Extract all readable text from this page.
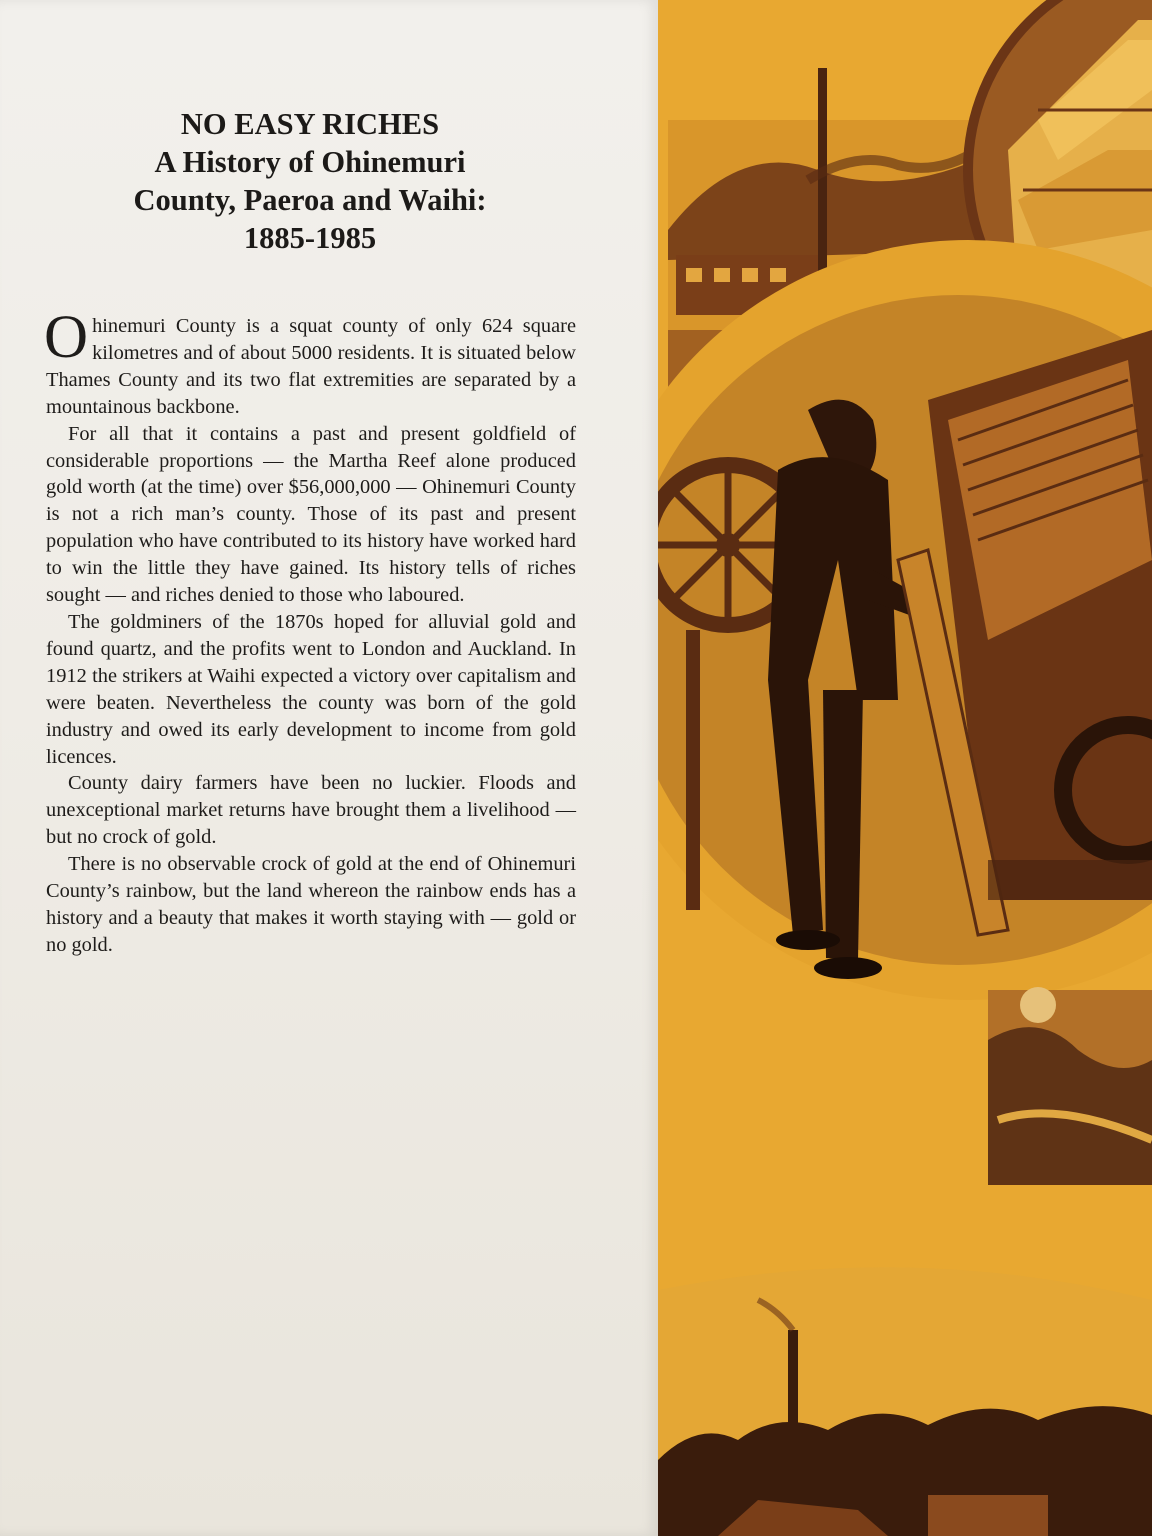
NO EASY RICHES
A History of Ohinemuri
County, Paeroa and Waihi:
1885-1985

Ohinemuri County is a squat county of only 624 square kilometres and of about 5000 residents. It is situated below Thames County and its two flat extremities are separated by a mountainous backbone.

For all that it contains a past and present goldfield of considerable proportions — the Martha Reef alone produced gold worth (at the time) over $56,000,000 — Ohinemuri County is not a rich man’s county. Those of its past and present population who have contributed to its history have worked hard to win the little they have gained. Its history tells of riches sought — and riches denied to those who laboured.

The goldminers of the 1870s hoped for alluvial gold and found quartz, and the profits went to London and Auckland. In 1912 the strikers at Waihi expected a victory over capitalism and were beaten. Nevertheless the county was born of the gold industry and owed its early development to income from gold licences.

County dairy farmers have been no luckier. Floods and unexceptional market returns have brought them a livelihood — but no crock of gold.

There is no observable crock of gold at the end of Ohinemuri County’s rainbow, but the land whereon the rainbow ends has a history and a beauty that makes it worth staying with — gold or no gold.
